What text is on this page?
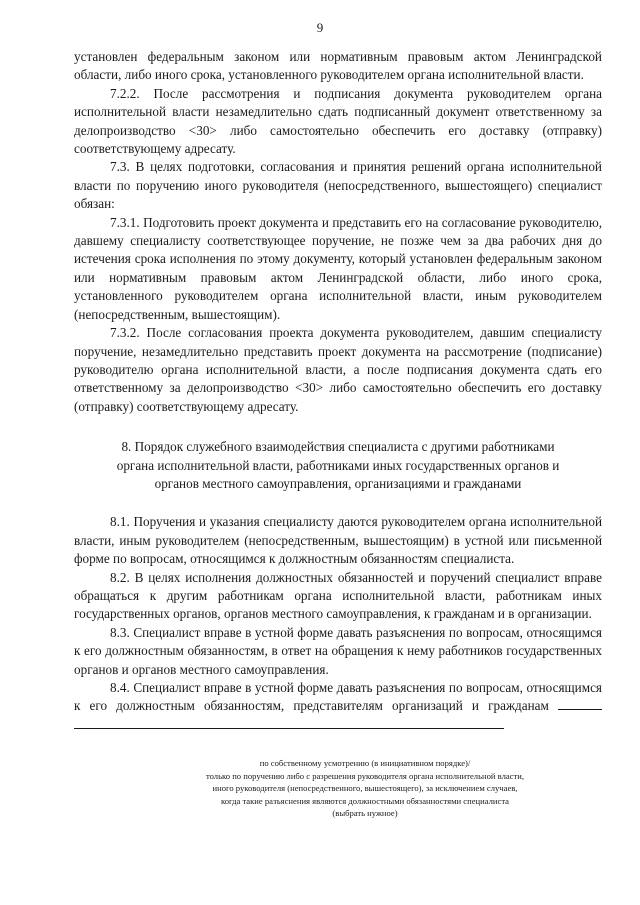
9

установлен федеральным законом или нормативным правовым актом Ленинградской области, либо иного срока, установленного руководителем органа исполнительной власти.

7.2.2. После рассмотрения и подписания документа руководителем органа исполнительной власти незамедлительно сдать подписанный документ ответственному за делопроизводство <30> либо самостоятельно обеспечить его доставку (отправку) соответствующему адресату.

7.3. В целях подготовки, согласования и принятия решений органа исполнительной власти по поручению иного руководителя (непосредственного, вышестоящего) специалист обязан:

7.3.1. Подготовить проект документа и представить его на согласование руководителю, давшему специалисту соответствующее поручение, не позже чем за два рабочих дня до истечения срока исполнения по этому документу, который установлен федеральным законом или нормативным правовым актом Ленинградской области, либо иного срока, установленного руководителем органа исполнительной власти, иным руководителем (непосредственным, вышестоящим).

7.3.2. После согласования проекта документа руководителем, давшим специалисту поручение, незамедлительно представить проект документа на рассмотрение (подписание) руководителю органа исполнительной власти, а после подписания документа сдать его ответственному за делопроизводство <30> либо самостоятельно обеспечить его доставку (отправку) соответствующему адресату.

8. Порядок служебного взаимодействия специалиста с другими работниками органа исполнительной власти, работниками иных государственных органов и органов местного самоуправления, организациями и гражданами

8.1. Поручения и указания специалисту даются руководителем органа исполнительной власти, иным руководителем (непосредственным, вышестоящим) в устной или письменной форме по вопросам, относящимся к должностным обязанностям специалиста.

8.2. В целях исполнения должностных обязанностей и поручений специалист вправе обращаться к другим работникам органа исполнительной власти, работникам иных государственных органов, органов местного самоуправления, к гражданам и в организации.

8.3. Специалист вправе в устной форме давать разъяснения по вопросам, относящимся к его должностным обязанностям, в ответ на обращения к нему работников государственных органов и органов местного самоуправления.

8.4. Специалист вправе в устной форме давать разъяснения по вопросам, относящимся к его должностным обязанностям, представителям организаций и гражданам

по собственному усмотрению (в инициативном порядке)/
только по поручению либо с разрешения руководителя органа исполнительной власти,
иного руководителя (непосредственного, вышестоящего), за исключением случаев,
когда такие разъяснения являются должностными обязанностями специалиста
(выбрать нужное)
